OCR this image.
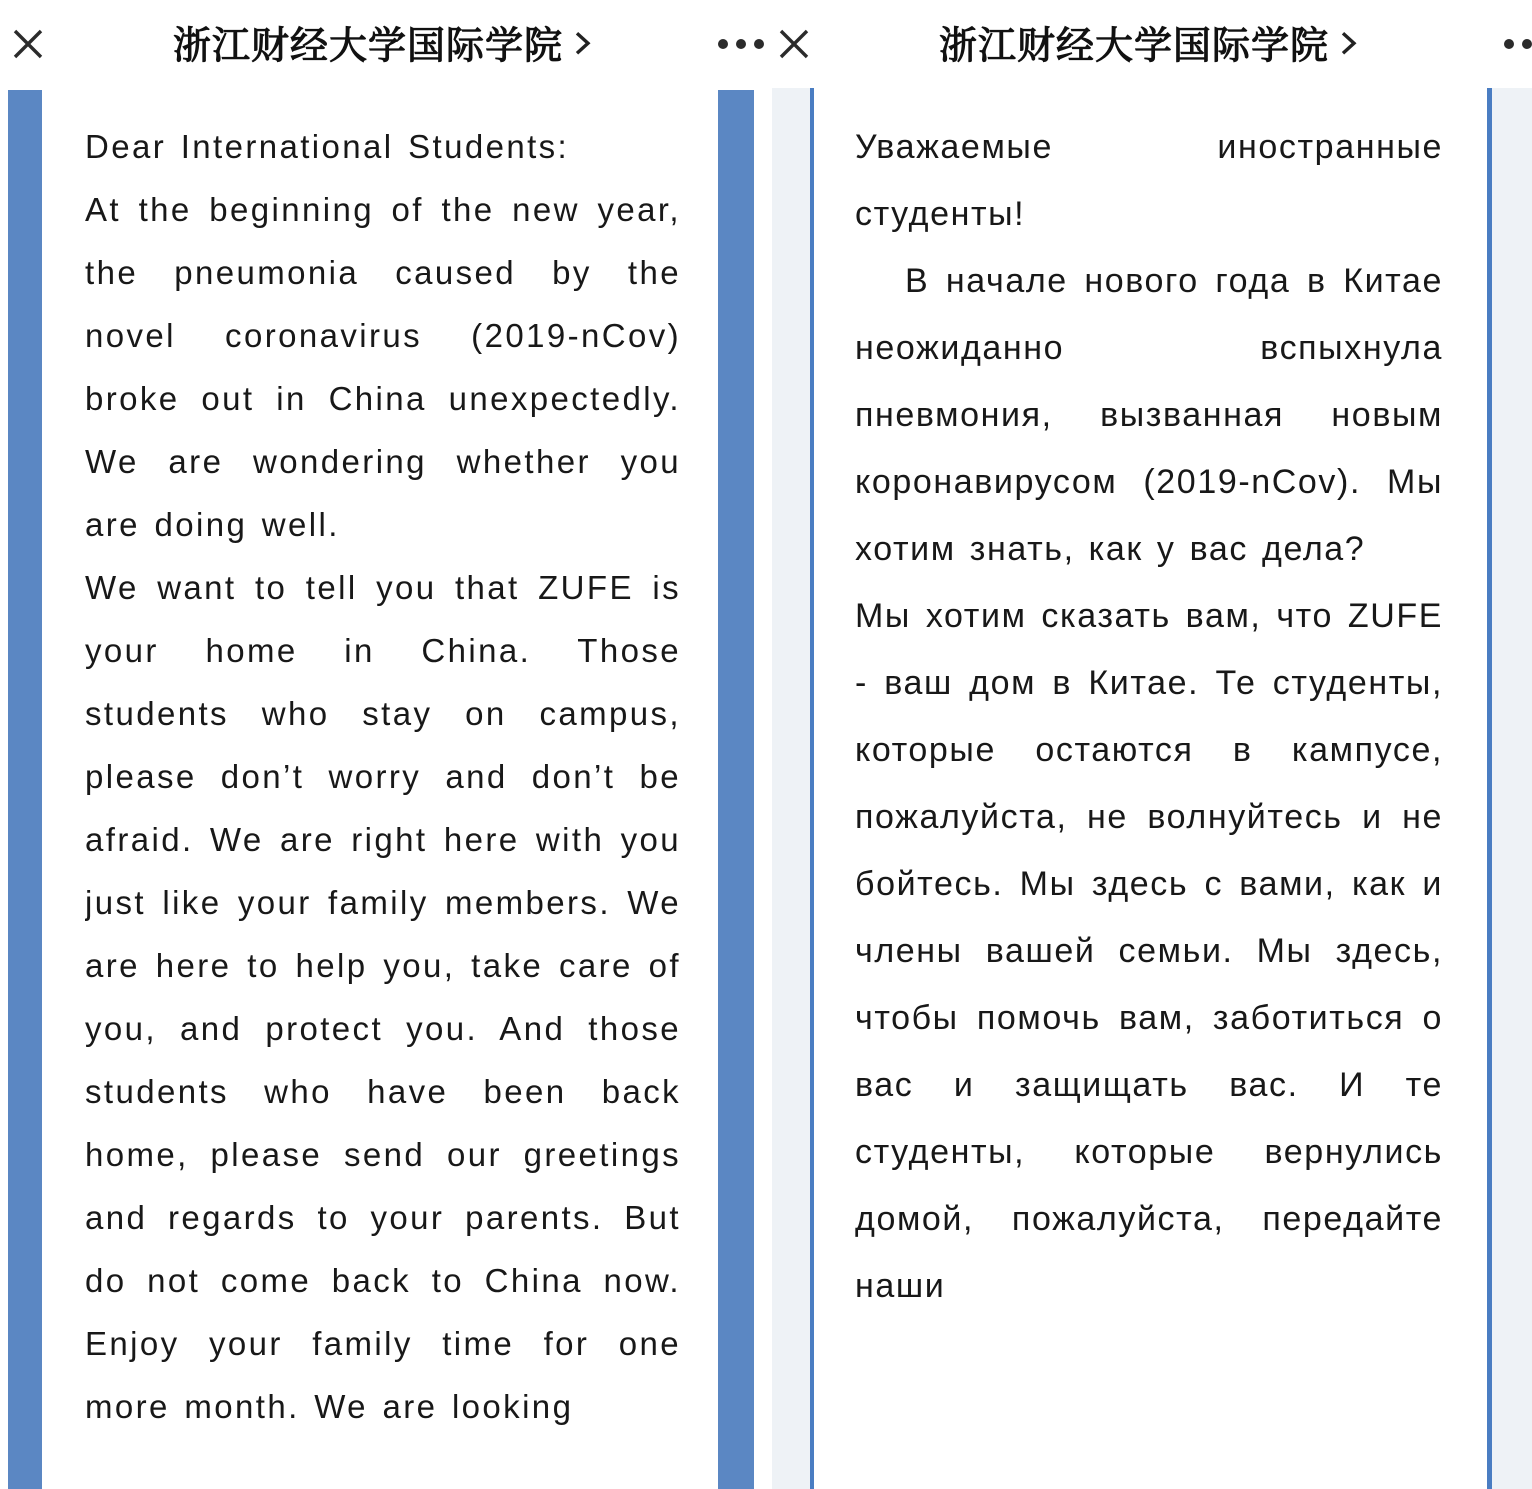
浙江财经大学国际学院

Dear International Students:

At the beginning of the new year, the pneumonia caused by the novel coronavirus (2019-nCov) broke out in China unexpectedly. We are wondering whether you are doing well.

We want to tell you that ZUFE is your home in China. Those students who stay on campus, please don’t worry and don’t be afraid. We are right here with you just like your family members. We are here to help you, take care of you, and protect you. And those students who have been back home, please send our greetings and regards to your parents. But do not come back to China now. Enjoy your family time for one more month. We are looking

浙江财经大学国际学院

Уважаемые иностранные студенты!

В начале нового года в Китае неожиданно вспыхнула пневмония, вызванная новым коронавирусом (2019-nCov). Мы хотим знать, как у вас дела?

Мы хотим сказать вам, что ZUFE - ваш дом в Китае. Те студенты, которые остаются в кампусе, пожалуйста, не волнуйтесь и не бойтесь. Мы здесь с вами, как и члены вашей семьи. Мы здесь, чтобы помочь вам, заботиться о вас и защищать вас. И те студенты, которые вернулись домой, пожалуйста, передайте наши
